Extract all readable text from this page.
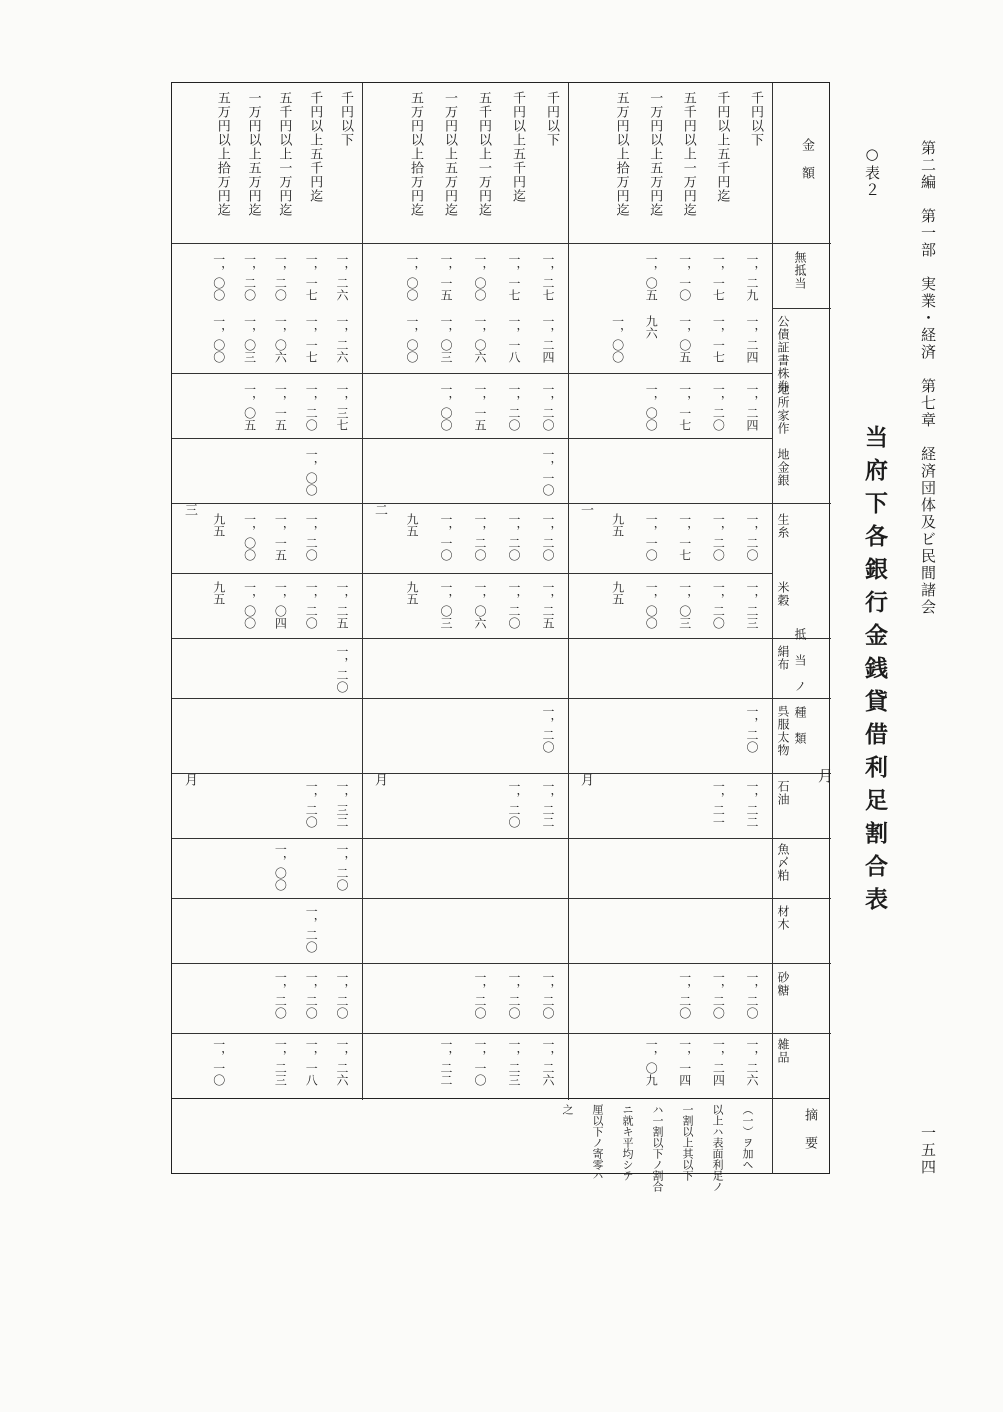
第二編　第一部　実業・経済　第七章　経済団体及ビ民間諸会
一五四
当府下各銀行金銭貸借利足割合表
○表２
金　額
無抵当
抵　当　ノ　種　類
月
公債証書株券
地所家作
地金銀
生糸
米穀
絹布
呉服太物
石油
魚〆粕
材木
砂糖
雑品
一
月
千円以下
一，二九
一，二四
一，二四
一，二〇
一，二三
一，二〇
一，二二
一，二〇
一，二六
千円以上五千円迄
一，一七
一，一七
一，二〇
一，二〇
一，二〇
一，二一
一，二〇
一，二四
五千円以上一万円迄
一，一〇
一，〇五
一，一七
一，一七
一，〇三
一，二〇
一，一四
一万円以上五万円迄
一，〇五
九六
一，〇〇
一，一〇
一，〇〇
一，〇九
五万円以上拾万円迄
一，〇〇
九五
九五
二
月
千円以下
一，二七
一，二四
一，二〇
一，一〇
一，二〇
一，二五
一，二〇
一，二二
一，二〇
一，二六
千円以上五千円迄
一，一七
一，一八
一，二〇
一，二〇
一，二〇
一，二〇
一，二〇
一，二三
五千円以上一万円迄
一，〇〇
一，〇六
一，一五
一，二〇
一，〇六
一，二〇
一，一〇
一万円以上五万円迄
一，一五
一，〇三
一，〇〇
一，一〇
一，〇三
一，二二
五万円以上拾万円迄
一，〇〇
一，〇〇
九五
九五
三
月
千円以下
一，二六
一，二六
一，三七
一，二五
一，二〇
一，三二
一，二〇
一，二〇
一，二六
千円以上五千円迄
一，一七
一，一七
一，二〇
一，〇〇
一，二〇
一，二〇
一，二〇
一，二〇
一，二〇
一，一八
五千円以上一万円迄
一，二〇
一，〇六
一，一五
一，一五
一，〇四
一，〇〇
一，二〇
一，二三
一万円以上五万円迄
一，二〇
一，〇三
一，〇五
一，〇〇
一，〇〇
五万円以上拾万円迄
一，〇〇
一，〇〇
九五
九五
一，一〇
摘　要
（一）ヲ加ヘ
以上ハ表面利足ノ
一割以上其以下
ハ一割以下ノ割合
ニ就キ平均シテ
厘以下ノ寄零ハ
之
